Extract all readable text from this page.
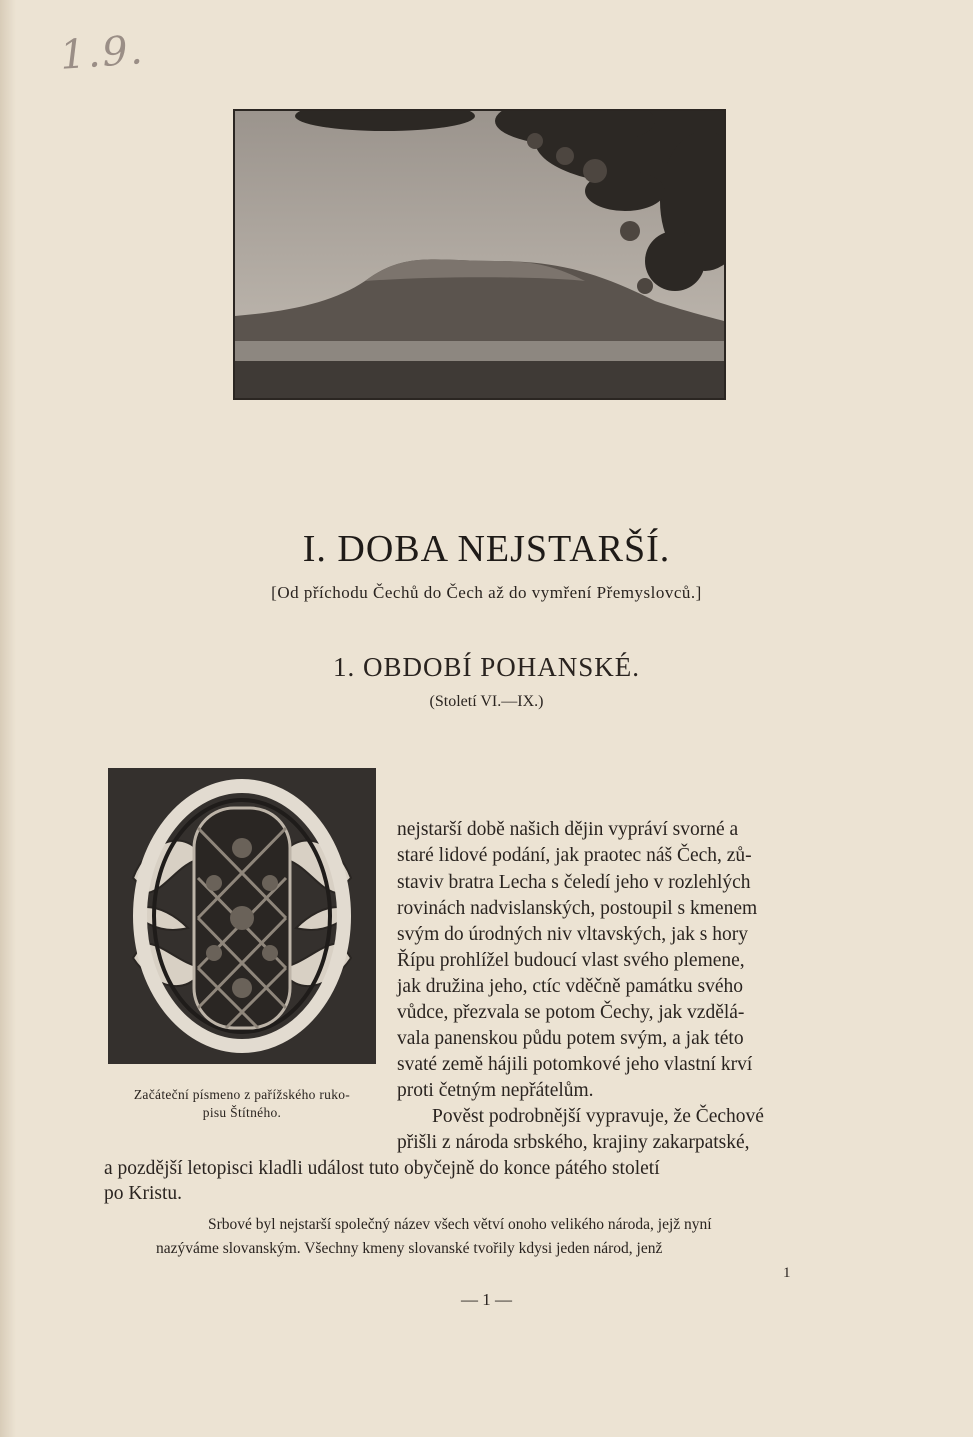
1.9.
I. DOBA NEJSTARŠÍ.
[Od příchodu Čechů do Čech až do vymření Přemyslovců.]
1. OBDOBÍ POHANSKÉ.
(Století VI.—IX.)
Začáteční písmeno z pařížského ruko-
pisu Štítného.
nejstarší době našich dějin vypráví svorné a
staré lidové podání, jak praotec náš Čech, zů-
staviv bratra Lecha s čeledí jeho v rozlehlých
rovinách nadvislanských, postoupil s kmenem
svým do úrodných niv vltavských, jak s hory
Řípu prohlížel budoucí vlast svého plemene,
jak družina jeho, ctíc vděčně památku svého
vůdce, přezvala se potom Čechy, jak vzdělá-
vala panenskou půdu potem svým, a jak této
svaté země hájili potomkové jeho vlastní krví
proti četným nepřátelům.
Pověst podrobnější vypravuje, že Čechové
přišli z národa srbského, krajiny zakarpatské,
a pozdější letopisci kladli událost tuto obyčejně do konce pátého století
po Kristu.
Srbové byl nejstarší společný název všech větví onoho velikého národa, jejž nyní
nazýváme slovanským. Všechny kmeny slovanské tvořily kdysi jeden národ, jenž
1
— 1 —
